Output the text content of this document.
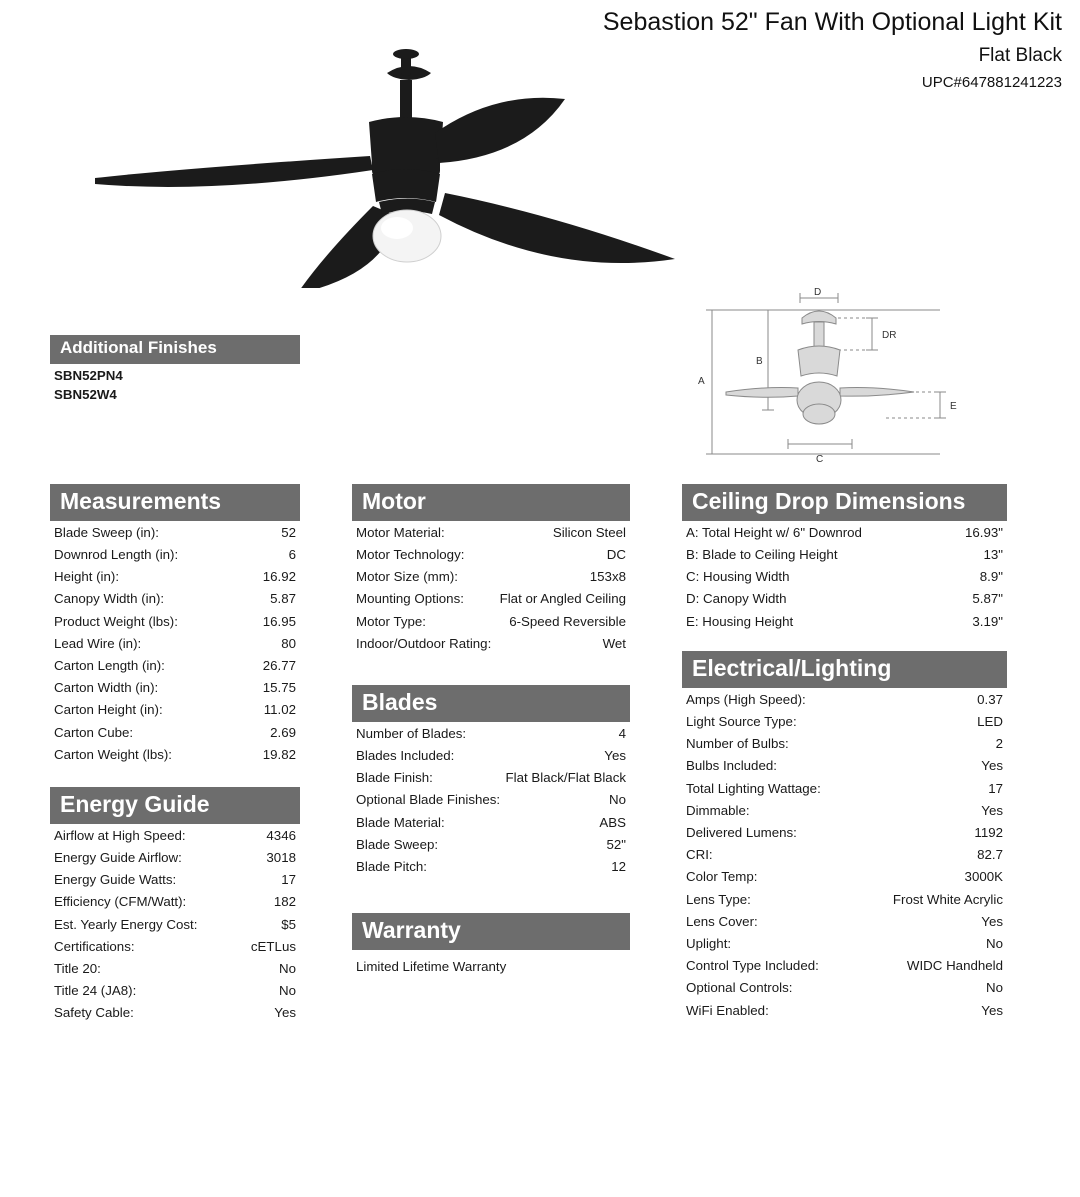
Sebastion 52" Fan With Optional Light Kit
Flat Black
UPC#647881241223
A
B
D
DR
C
E
Additional Finishes
SBN52PN4
SBN52W4
Measurements
Blade Sweep (in):	52
Downrod Length (in):	6
Height (in):	16.92
Canopy Width (in):	5.87
Product Weight (lbs):	16.95
Lead Wire (in):	80
Carton Length (in):	26.77
Carton Width (in):	15.75
Carton Height (in):	11.02
Carton Cube:	2.69
Carton Weight (lbs):	19.82
Energy Guide
Airflow at High Speed:	4346
Energy Guide Airflow:	3018
Energy Guide Watts:	17
Efficiency (CFM/Watt):	182
Est. Yearly Energy Cost:	$5
Certifications:	cETLus
Title 20:	No
Title 24 (JA8):	No
Safety Cable:	Yes
Motor
Motor Material:	Silicon Steel
Motor Technology:	DC
Motor Size (mm):	153x8
Mounting Options:	Flat or Angled Ceiling
Motor Type:	6-Speed Reversible
Indoor/Outdoor Rating:	Wet
Blades
Number of Blades:	4
Blades Included:	Yes
Blade Finish:	Flat Black/Flat Black
Optional Blade Finishes:	No
Blade Material:	ABS
Blade Sweep:	52"
Blade Pitch:	12
Warranty
Limited Lifetime Warranty
Ceiling Drop Dimensions
A: Total Height w/ 6" Downrod	16.93"
B: Blade to Ceiling Height	13"
C: Housing Width	8.9"
D: Canopy Width	5.87"
E: Housing Height	3.19"
Electrical/Lighting
Amps (High Speed):	0.37
Light Source Type:	LED
Number of Bulbs:	2
Bulbs Included:	Yes
Total Lighting Wattage:	17
Dimmable:	Yes
Delivered Lumens:	1192
CRI:	82.7
Color Temp:	3000K
Lens Type:	Frost White Acrylic
Lens Cover:	Yes
Uplight:	No
Control Type Included:	WIDC Handheld
Optional Controls:	No
WiFi Enabled:	Yes
